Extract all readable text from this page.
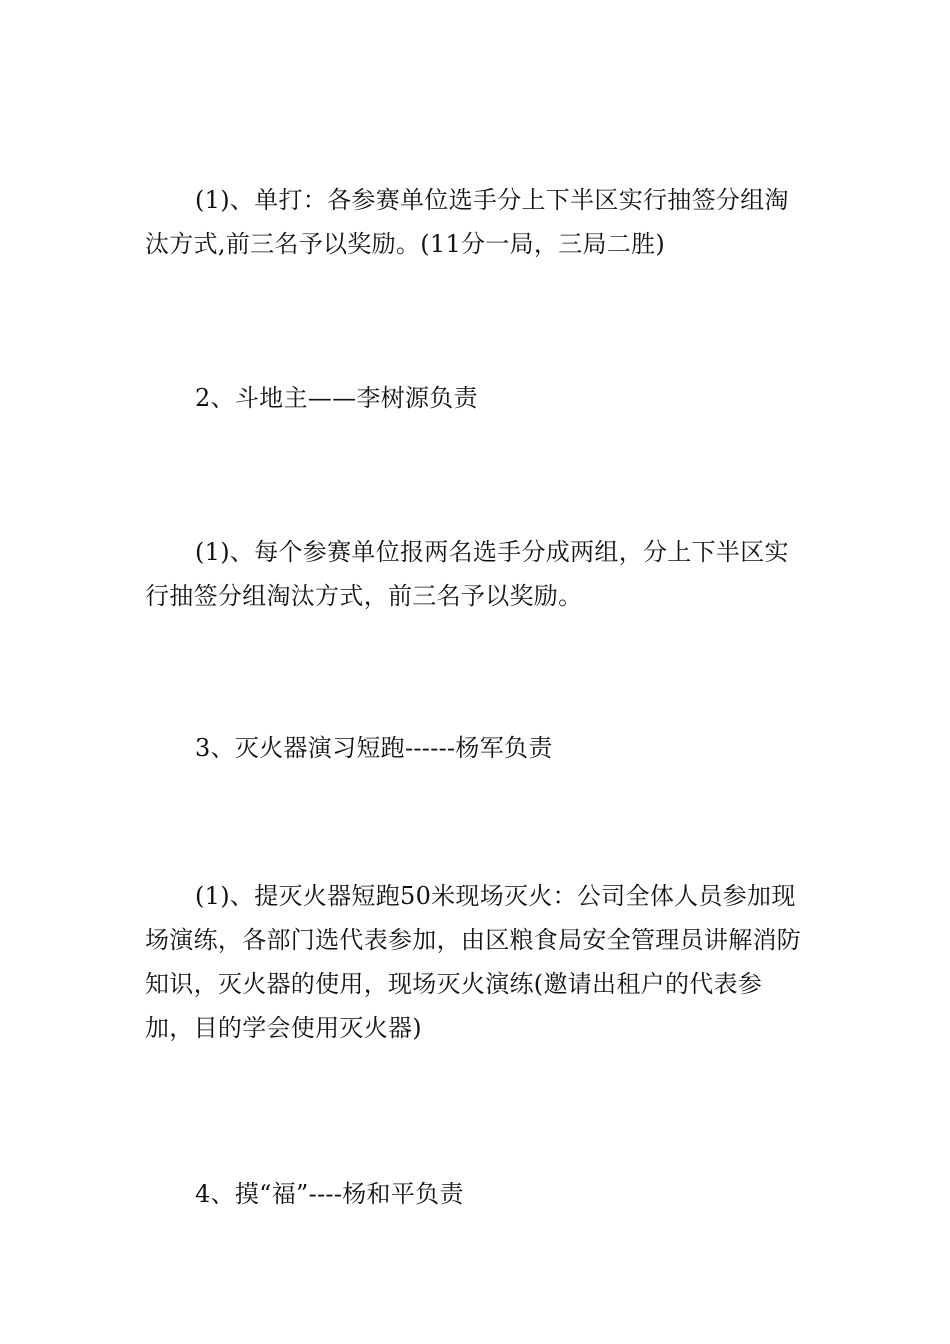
(1)、单打：各参赛单位选手分上下半区实行抽签分组淘汰方式,前三名予以奖励。(11分一局，三局二胜)

2、斗地主——李树源负责

(1)、每个参赛单位报两名选手分成两组，分上下半区实行抽签分组淘汰方式，前三名予以奖励。

3、灭火器演习短跑------杨军负责

(1)、提灭火器短跑50米现场灭火：公司全体人员参加现场演练，各部门选代表参加，由区粮食局安全管理员讲解消防知识，灭火器的使用，现场灭火演练(邀请出租户的代表参加，目的学会使用灭火器)

4、摸“福”----杨和平负责
